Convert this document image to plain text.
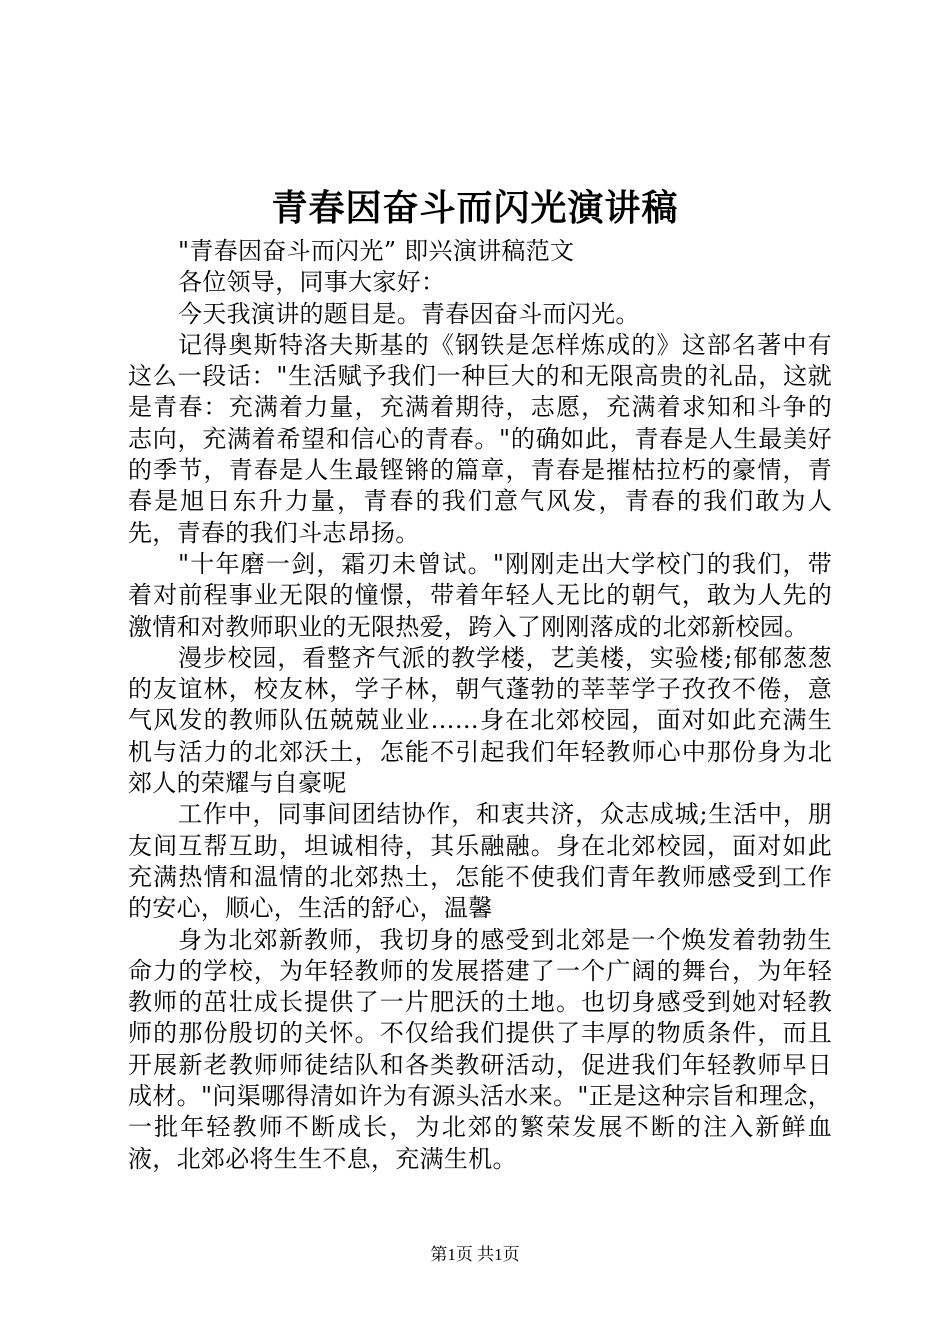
青春因奋斗而闪光演讲稿

"青春因奋斗而闪光” 即兴演讲稿范文

各位领导，同事大家好：

今天我演讲的题目是。青春因奋斗而闪光。

记得奥斯特洛夫斯基的《钢铁是怎样炼成的》这部名著中有这么一段话："生活赋予我们一种巨大的和无限高贵的礼品，这就是青春：充满着力量，充满着期待，志愿，充满着求知和斗争的志向，充满着希望和信心的青春。"的确如此，青春是人生最美好的季节，青春是人生最铿锵的篇章，青春是摧枯拉朽的豪情，青春是旭日东升力量，青春的我们意气风发，青春的我们敢为人先，青春的我们斗志昂扬。

"十年磨一剑，霜刃未曾试。"刚刚走出大学校门的我们，带着对前程事业无限的憧憬，带着年轻人无比的朝气，敢为人先的激情和对教师职业的无限热爱，跨入了刚刚落成的北郊新校园。

漫步校园，看整齐气派的教学楼，艺美楼，实验楼;郁郁葱葱的友谊林，校友林，学子林，朝气蓬勃的莘莘学子孜孜不倦，意气风发的教师队伍兢兢业业……身在北郊校园，面对如此充满生机与活力的北郊沃土，怎能不引起我们年轻教师心中那份身为北郊人的荣耀与自豪呢

工作中，同事间团结协作，和衷共济，众志成城;生活中，朋友间互帮互助，坦诚相待，其乐融融。身在北郊校园，面对如此充满热情和温情的北郊热土，怎能不使我们青年教师感受到工作的安心，顺心，生活的舒心，温馨

身为北郊新教师，我切身的感受到北郊是一个焕发着勃勃生命力的学校，为年轻教师的发展搭建了一个广阔的舞台，为年轻教师的茁壮成长提供了一片肥沃的土地。也切身感受到她对轻教师的那份殷切的关怀。不仅给我们提供了丰厚的物质条件，而且开展新老教师师徒结队和各类教研活动，促进我们年轻教师早日成材。"问渠哪得清如许为有源头活水来。"正是这种宗旨和理念，一批年轻教师不断成长，为北郊的繁荣发展不断的注入新鲜血液，北郊必将生生不息，充满生机。

第1页 共1页
